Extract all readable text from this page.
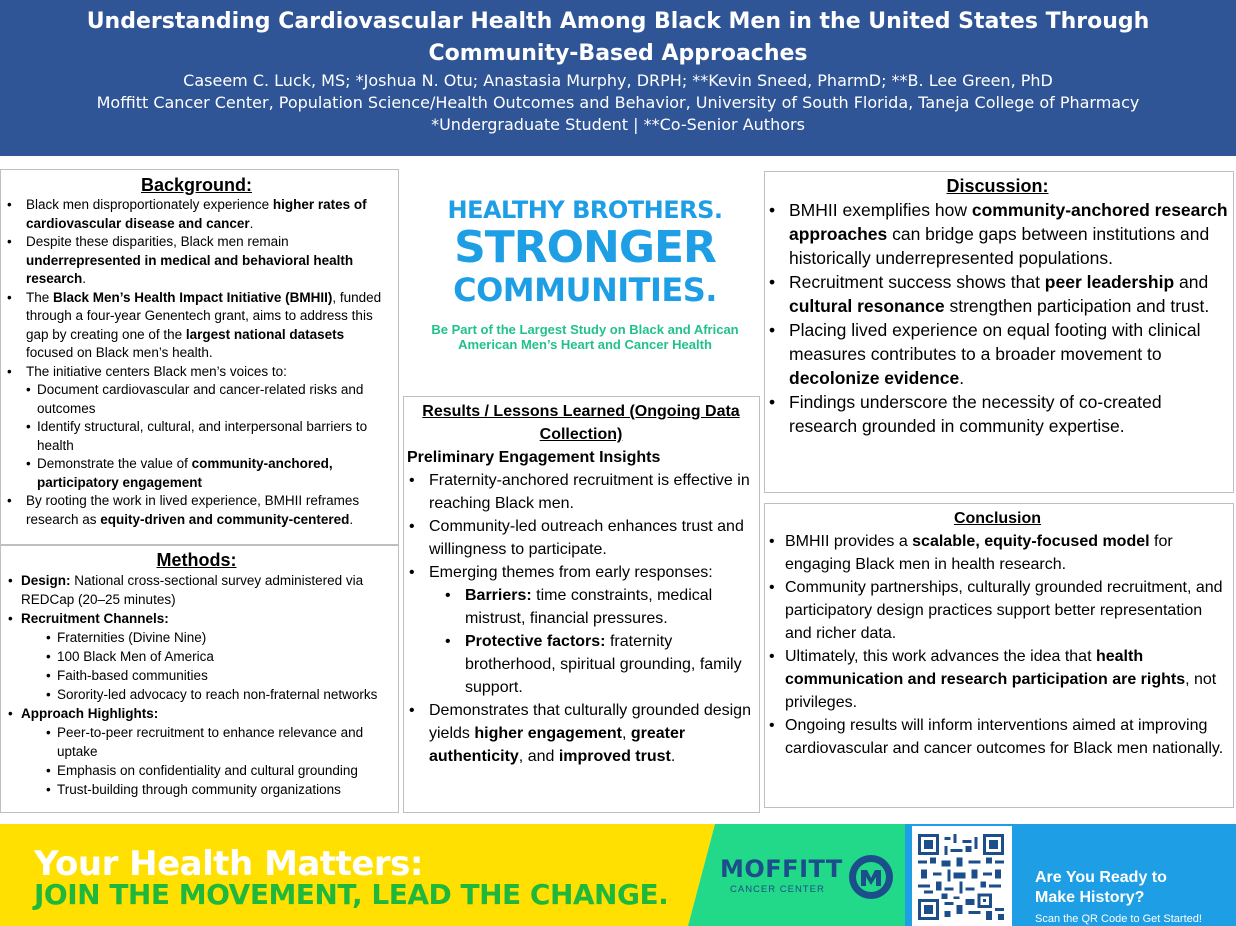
Understanding Cardiovascular Health Among Black Men in the United States Through Community-Based Approaches

Caseem C. Luck, MS; *Joshua N. Otu; Anastasia Murphy, DRPH; **Kevin Sneed, PharmD; **B. Lee Green, PhD

Moffitt Cancer Center, Population Science/Health Outcomes and Behavior, University of South Florida, Taneja College of Pharmacy

*Undergraduate Student | **Co-Senior Authors

Background:
• Black men disproportionately experience higher rates of cardiovascular disease and cancer.
• Despite these disparities, Black men remain underrepresented in medical and behavioral health research.
• The Black Men’s Health Impact Initiative (BMHII), funded through a four-year Genentech grant, aims to address this gap by creating one of the largest national datasets focused on Black men’s health.
• The initiative centers Black men’s voices to:
• Document cardiovascular and cancer-related risks and outcomes
• Identify structural, cultural, and interpersonal barriers to health
• Demonstrate the value of community-anchored, participatory engagement
• By rooting the work in lived experience, BMHII reframes research as equity-driven and community-centered.
Methods:
• Design: National cross-sectional survey administered via REDCap (20–25 minutes)
• Recruitment Channels:
• Fraternities (Divine Nine)
• 100 Black Men of America
• Faith-based communities
• Sorority-led advocacy to reach non-fraternal networks
• Approach Highlights:
• Peer-to-peer recruitment to enhance relevance and uptake
• Emphasis on confidentiality and cultural grounding
• Trust-building through community organizations
HEALTHY BROTHERS.
STRONGER
COMMUNITIES.
Be Part of the Largest Study on Black and African American Men’s Heart and Cancer Health
Results / Lessons Learned (Ongoing Data Collection)
Preliminary Engagement Insights
• Fraternity-anchored recruitment is effective in reaching Black men.
• Community-led outreach enhances trust and willingness to participate.
• Emerging themes from early responses:
• Barriers: time constraints, medical mistrust, financial pressures.
• Protective factors: fraternity brotherhood, spiritual grounding, family support.
• Demonstrates that culturally grounded design yields higher engagement, greater authenticity, and improved trust.
Discussion:
• BMHII exemplifies how community-anchored research approaches can bridge gaps between institutions and historically underrepresented populations.
• Recruitment success shows that peer leadership and cultural resonance strengthen participation and trust.
• Placing lived experience on equal footing with clinical measures contributes to a broader movement to decolonize evidence.
• Findings underscore the necessity of co-created research grounded in community expertise.
Conclusion
• BMHII provides a scalable, equity-focused model for engaging Black men in health research.
• Community partnerships, culturally grounded recruitment, and participatory design practices support better representation and richer data.
• Ultimately, this work advances the idea that health communication and research participation are rights, not privileges.
• Ongoing results will inform interventions aimed at improving cardiovascular and cancer outcomes for Black men nationally.
Your Health Matters:
JOIN THE MOVEMENT, LEAD THE CHANGE.
MOFFITT
CANCER CENTER
Are You Ready to
Make History?
Scan the QR Code to Get Started!
